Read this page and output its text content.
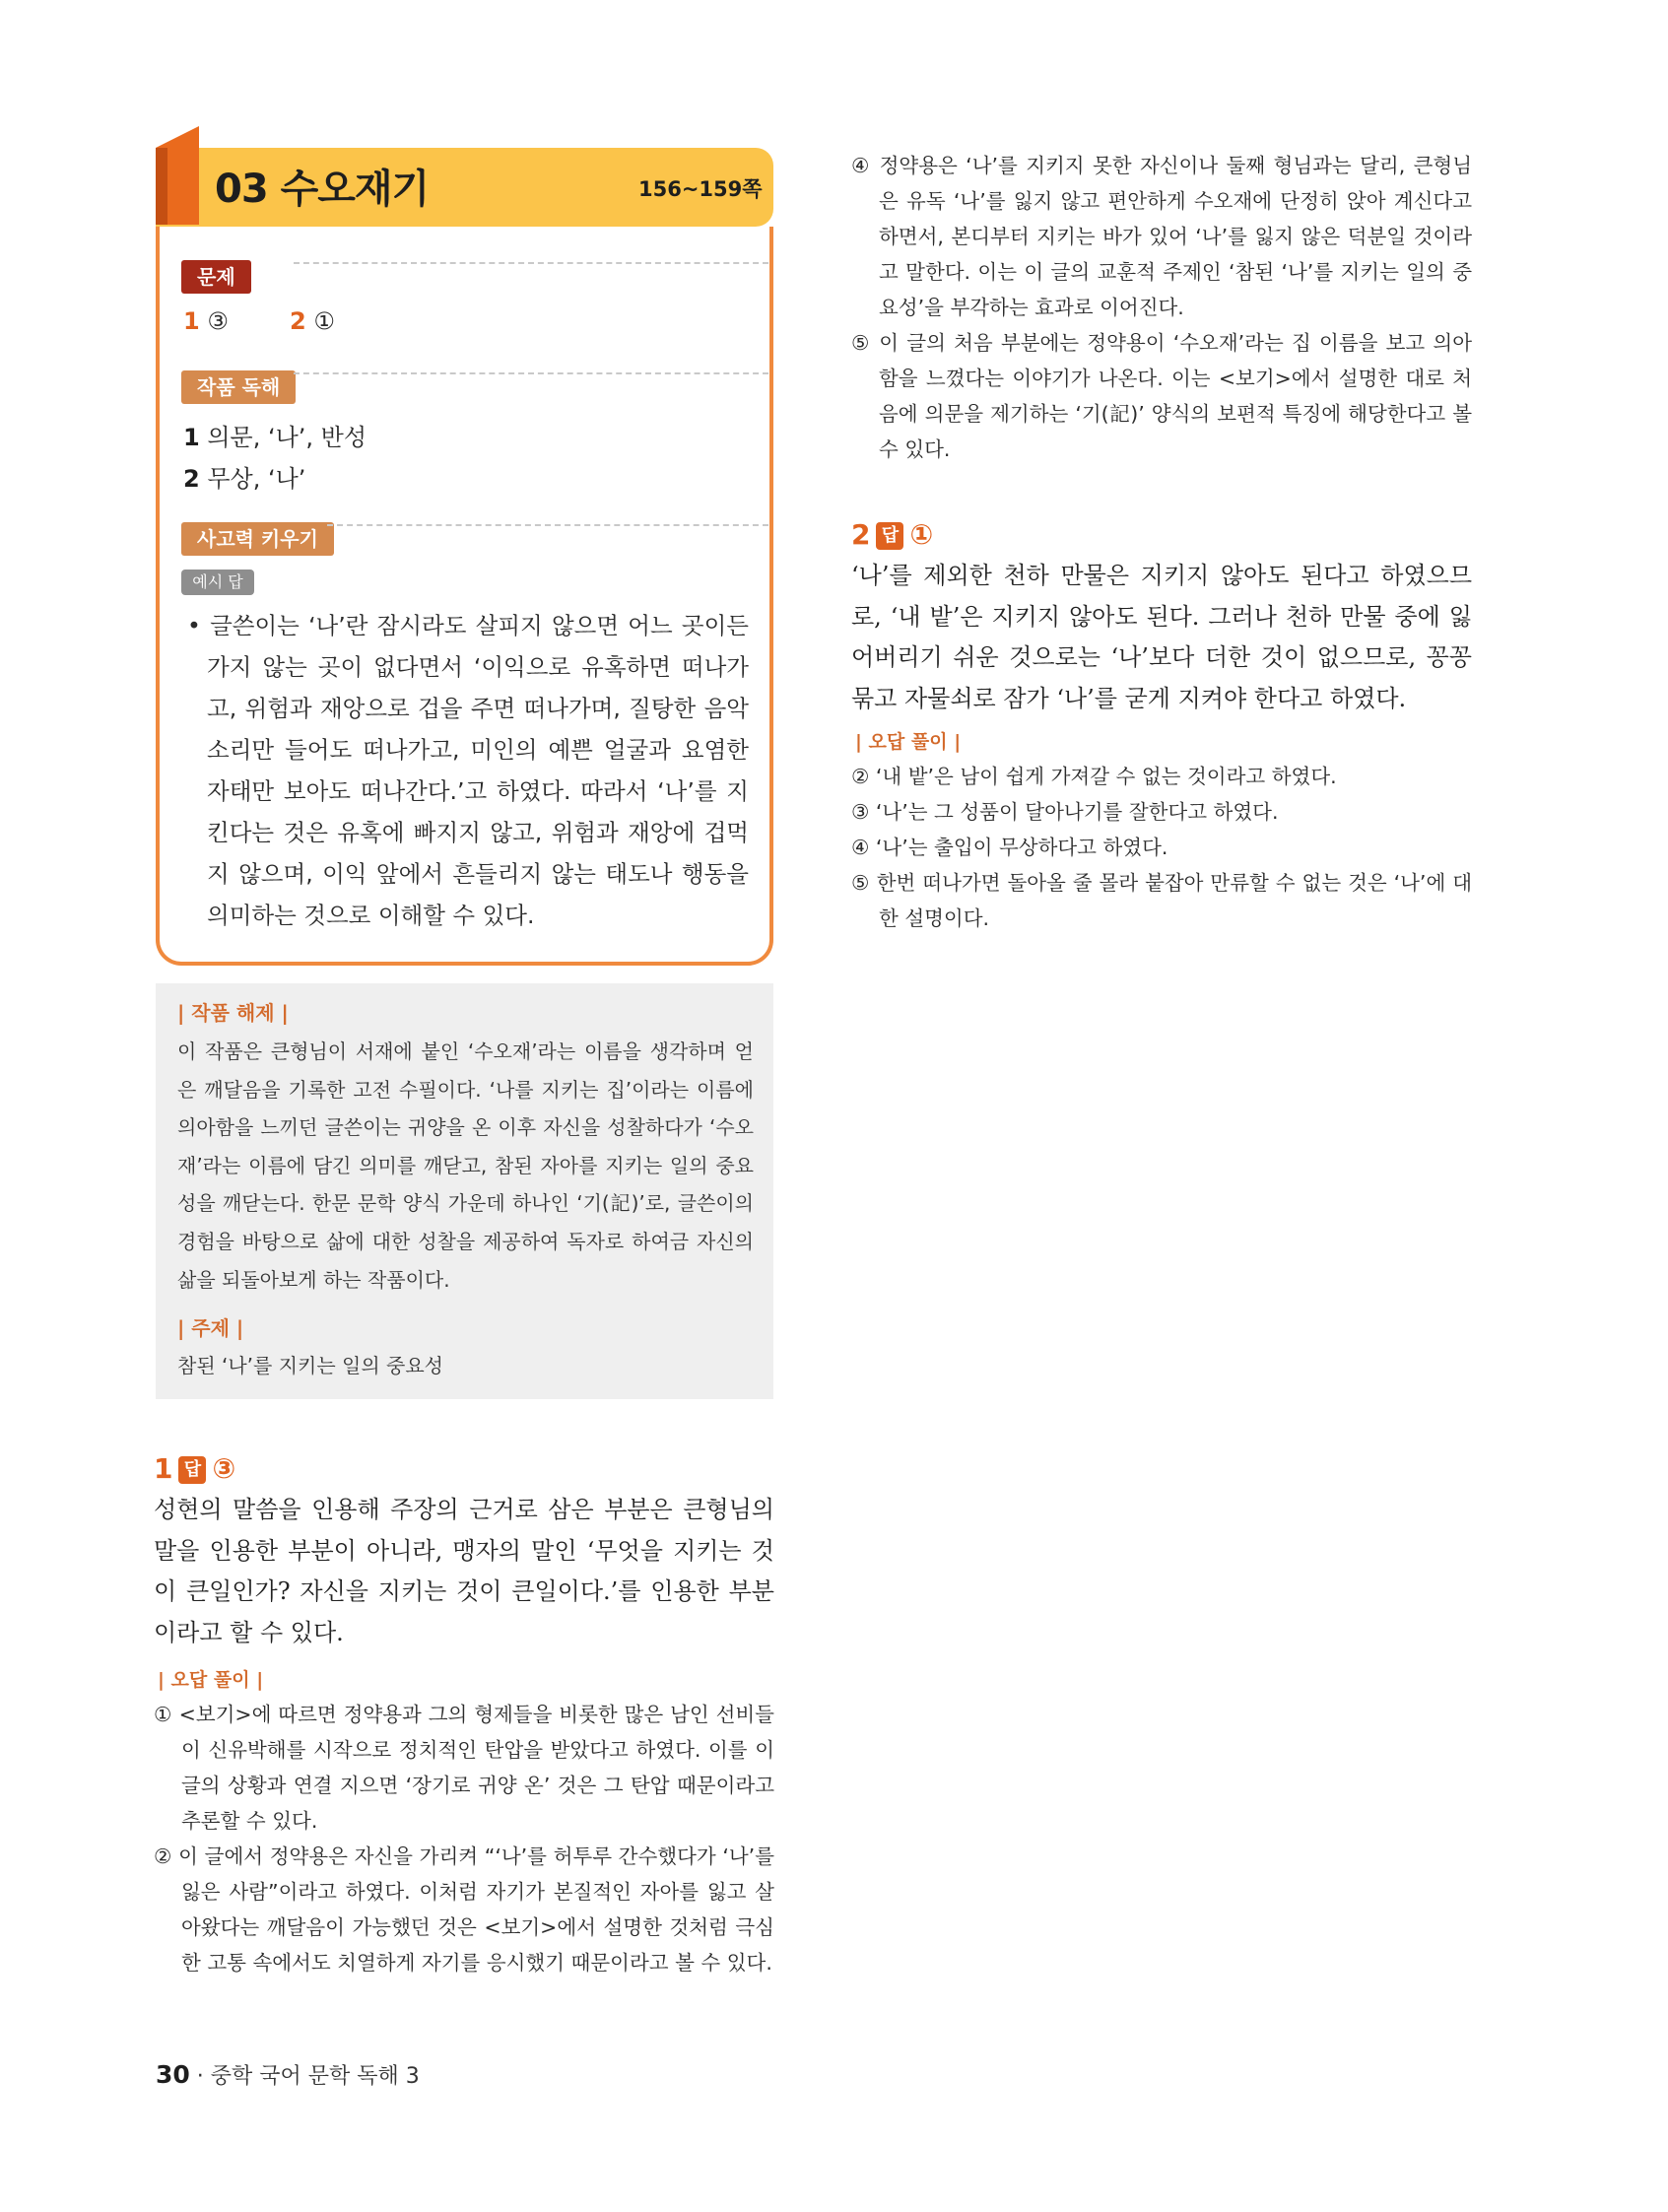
03 수오재기	156~159쪽
문제
1 ③	2 ①
작품 독해
1 의문, ‘나’, 반성
2 무상, ‘나’
사고력 키우기
예시 답
• 글쓴이는 ‘나’란 잠시라도 살피지 않으면 어느 곳이든 가지 않는 곳이 없다면서 ‘이익으로 유혹하면 떠나가고, 위험과 재앙으로 겁을 주면 떠나가며, 질탕한 음악 소리만 들어도 떠나가고, 미인의 예쁜 얼굴과 요염한 자태만 보아도 떠나간다.’고 하였다. 따라서 ‘나’를 지킨다는 것은 유혹에 빠지지 않고, 위험과 재앙에 겁먹지 않으며, 이익 앞에서 흔들리지 않는 태도나 행동을 의미하는 것으로 이해할 수 있다.
| 작품 해제 |
이 작품은 큰형님이 서재에 붙인 ‘수오재’라는 이름을 생각하며 얻은 깨달음을 기록한 고전 수필이다. ‘나를 지키는 집’이라는 이름에 의아함을 느끼던 글쓴이는 귀양을 온 이후 자신을 성찰하다가 ‘수오재’라는 이름에 담긴 의미를 깨닫고, 참된 자아를 지키는 일의 중요성을 깨닫는다. 한문 문학 양식 가운데 하나인 ‘기(記)’로, 글쓴이의 경험을 바탕으로 삶에 대한 성찰을 제공하여 독자로 하여금 자신의 삶을 되돌아보게 하는 작품이다.
| 주제 |
참된 ‘나’를 지키는 일의 중요성
1 답 ③
성현의 말씀을 인용해 주장의 근거로 삼은 부분은 큰형님의 말을 인용한 부분이 아니라, 맹자의 말인 ‘무엇을 지키는 것이 큰일인가? 자신을 지키는 것이 큰일이다.’를 인용한 부분이라고 할 수 있다.
| 오답 풀이 |
① <보기>에 따르면 정약용과 그의 형제들을 비롯한 많은 남인 선비들이 신유박해를 시작으로 정치적인 탄압을 받았다고 하였다. 이를 이 글의 상황과 연결 지으면 ‘장기로 귀양 온’ 것은 그 탄압 때문이라고 추론할 수 있다.
② 이 글에서 정약용은 자신을 가리켜 “‘나’를 허투루 간수했다가 ‘나’를 잃은 사람”이라고 하였다. 이처럼 자기가 본질적인 자아를 잃고 살아왔다는 깨달음이 가능했던 것은 <보기>에서 설명한 것처럼 극심한 고통 속에서도 치열하게 자기를 응시했기 때문이라고 볼 수 있다.
④ 정약용은 ‘나’를 지키지 못한 자신이나 둘째 형님과는 달리, 큰형님은 유독 ‘나’를 잃지 않고 편안하게 수오재에 단정히 앉아 계신다고 하면서, 본디부터 지키는 바가 있어 ‘나’를 잃지 않은 덕분일 것이라고 말한다. 이는 이 글의 교훈적 주제인 ‘참된 ‘나’를 지키는 일의 중요성’을 부각하는 효과로 이어진다.
⑤ 이 글의 처음 부분에는 정약용이 ‘수오재’라는 집 이름을 보고 의아함을 느꼈다는 이야기가 나온다. 이는 <보기>에서 설명한 대로 처음에 의문을 제기하는 ‘기(記)’ 양식의 보편적 특징에 해당한다고 볼 수 있다.
2 답 ①
‘나’를 제외한 천하 만물은 지키지 않아도 된다고 하였으므로, ‘내 밭’은 지키지 않아도 된다. 그러나 천하 만물 중에 잃어버리기 쉬운 것으로는 ‘나’보다 더한 것이 없으므로, 꽁꽁 묶고 자물쇠로 잠가 ‘나’를 굳게 지켜야 한다고 하였다.
| 오답 풀이 |
② ‘내 밭’은 남이 쉽게 가져갈 수 없는 것이라고 하였다.
③ ‘나’는 그 성품이 달아나기를 잘한다고 하였다.
④ ‘나’는 출입이 무상하다고 하였다.
⑤ 한번 떠나가면 돌아올 줄 몰라 붙잡아 만류할 수 없는 것은 ‘나’에 대한 설명이다.
30 · 중학 국어 문학 독해 3
